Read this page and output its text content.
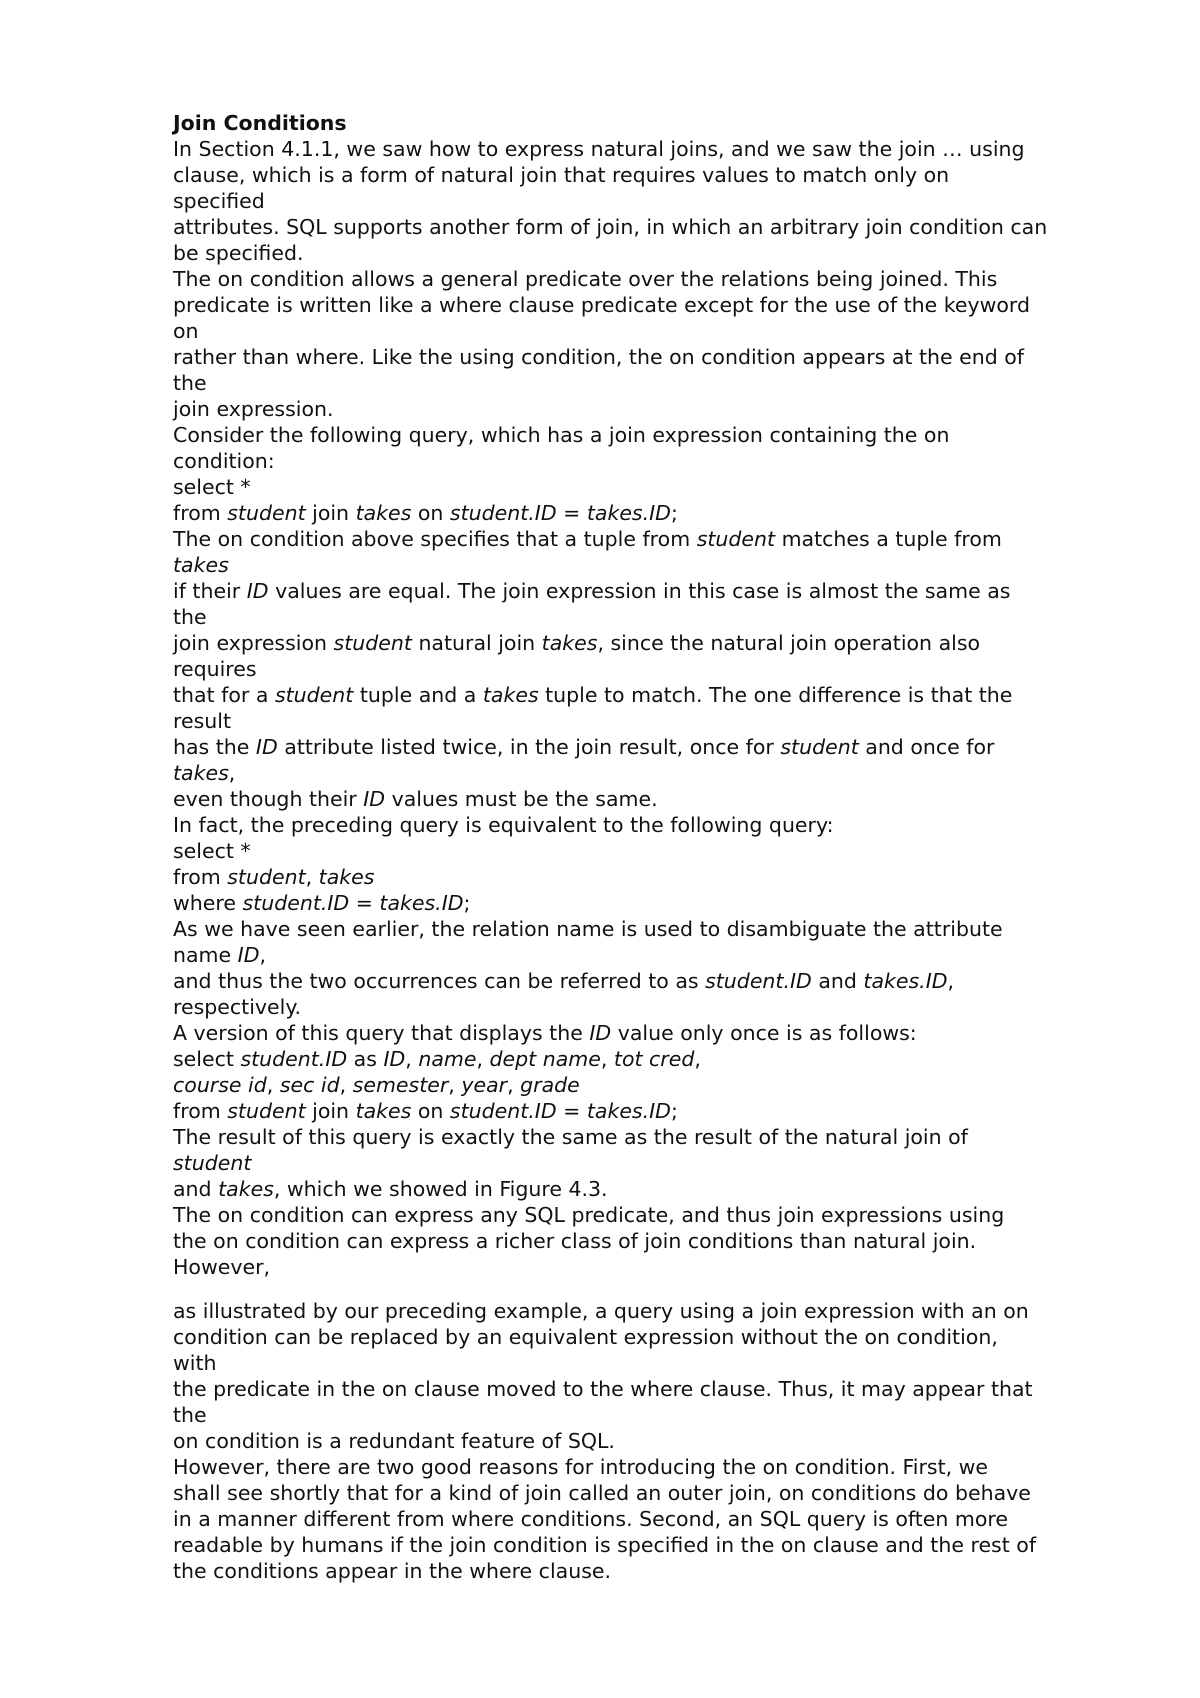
Join Conditions
In Section 4.1.1, we saw how to express natural joins, and we saw the join … using
clause, which is a form of natural join that requires values to match only on
specified
attributes. SQL supports another form of join, in which an arbitrary join condition can
be specified.
The on condition allows a general predicate over the relations being joined. This
predicate is written like a where clause predicate except for the use of the keyword
on
rather than where. Like the using condition, the on condition appears at the end of
the
join expression.
Consider the following query, which has a join expression containing the on
condition:
select *
from student join takes on student.ID = takes.ID;
The on condition above specifies that a tuple from student matches a tuple from
takes
if their ID values are equal. The join expression in this case is almost the same as
the
join expression student natural join takes, since the natural join operation also
requires
that for a student tuple and a takes tuple to match. The one difference is that the
result
has the ID attribute listed twice, in the join result, once for student and once for
takes,
even though their ID values must be the same.
In fact, the preceding query is equivalent to the following query:
select *
from student, takes
where student.ID = takes.ID;
As we have seen earlier, the relation name is used to disambiguate the attribute
name ID,
and thus the two occurrences can be referred to as student.ID and takes.ID,
respectively.
A version of this query that displays the ID value only once is as follows:
select student.ID as ID, name, dept name, tot cred,
course id, sec id, semester, year, grade
from student join takes on student.ID = takes.ID;
The result of this query is exactly the same as the result of the natural join of
student
and takes, which we showed in Figure 4.3.
The on condition can express any SQL predicate, and thus join expressions using
the on condition can express a richer class of join conditions than natural join.
However,
as illustrated by our preceding example, a query using a join expression with an on
condition can be replaced by an equivalent expression without the on condition,
with
the predicate in the on clause moved to the where clause. Thus, it may appear that
the
on condition is a redundant feature of SQL.
However, there are two good reasons for introducing the on condition. First, we
shall see shortly that for a kind of join called an outer join, on conditions do behave
in a manner different from where conditions. Second, an SQL query is often more
readable by humans if the join condition is specified in the on clause and the rest of
the conditions appear in the where clause.
